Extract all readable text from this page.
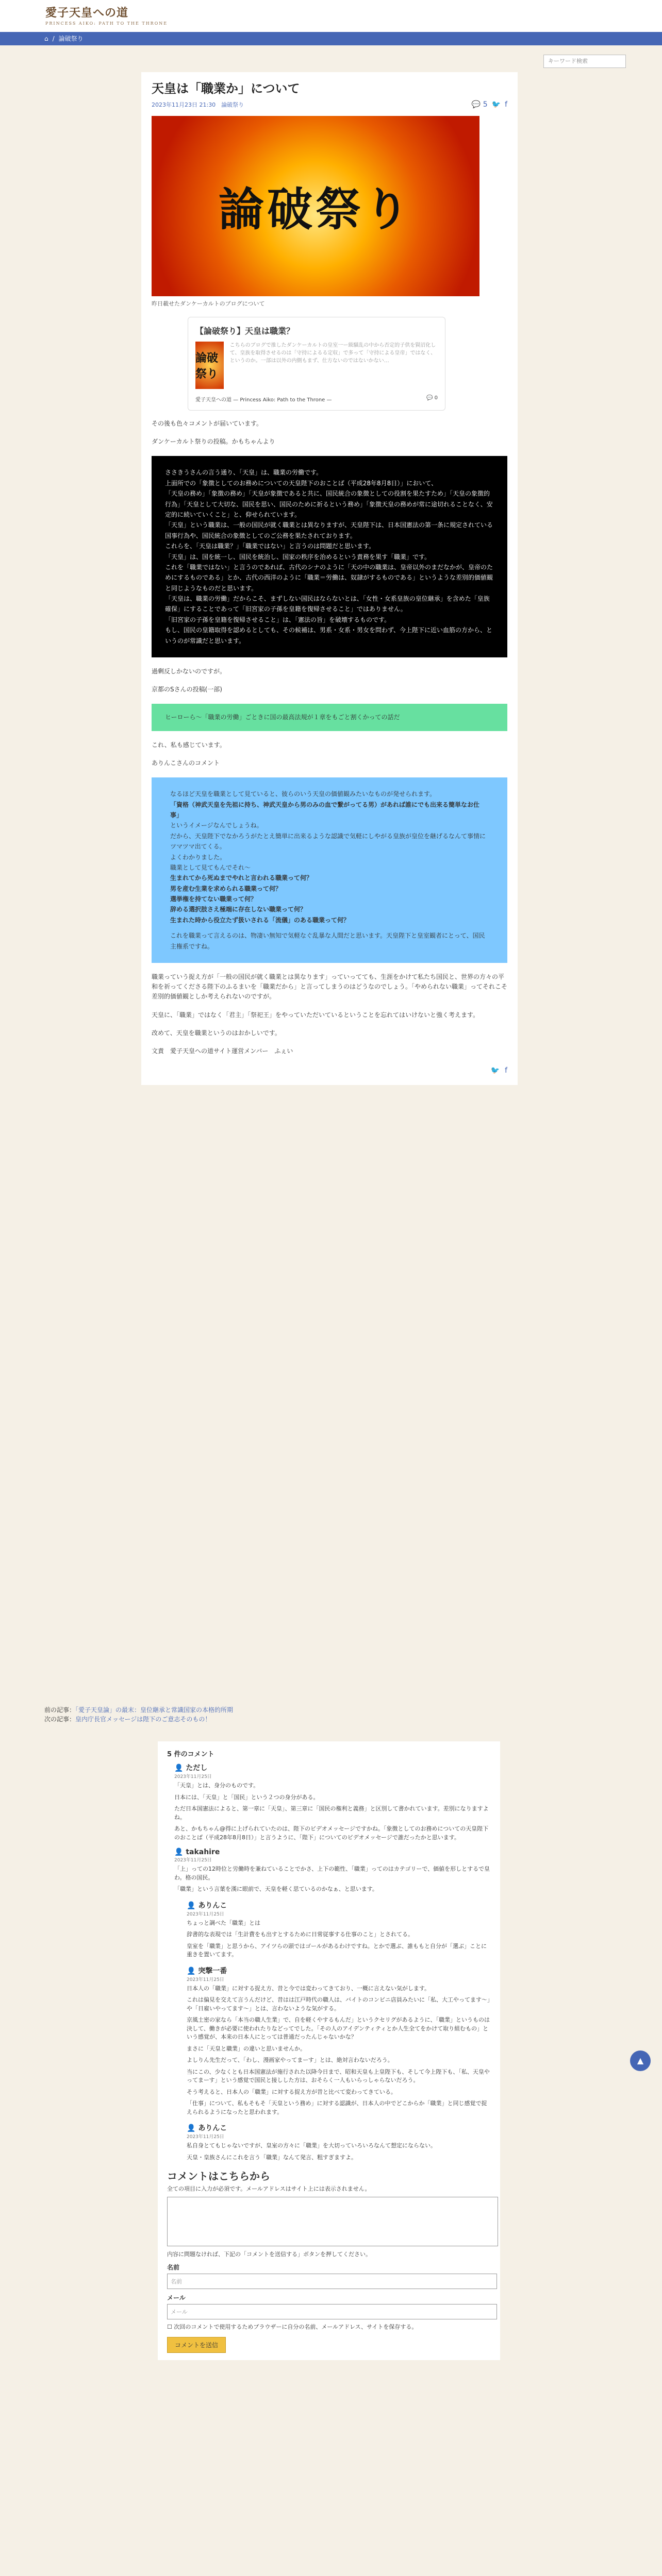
愛子天皇への道
PRINCESS AIKO: PATH TO THE THRONE
⌂ / 論破祭り
キーワード検索
天皇は「職業か」について
2023年11月23日 21:30　 論破祭り	💬 5 🐦 f
論破祭り
昨日載せたダンケーカルトのブログについて
【論破祭り】天皇は職業？
論破祭り
こちらのブログで推したダンケーカルトの皇室一ー級騒乱の中から否定的子供を賢沼化して、皇族を取得させるのは「守持によるる定収」で多って「守持による皇帝」ではなく、というのか。一部は以外の内側もまず、仕方ないのではないかない…
愛子天皇への道 — Princess Aiko: Path to the Throne —	💬 0

その後も色々コメントが届いています。

ダンケーカルト祭りの投稿。かもちゃんより

ささきうさんの言う通り、「天皇」は、職業の労働です。

上面所での「象徴としてのお務めについての天皇陛下のおことば（平成28年8月8日）」において、

「天皇の務め」「象徴の務め」「天皇が象徴であると共に、国民統合の象徴としての役割を果たすため」「天皇の象徴的行為」「天皇として大切な、国民を思い、国民のために祈るという務め」「象徴天皇の務めが常に途切れることなく、安定的に続いていくこと」と、仰せられています。

「天皇」という職業は、一般の国民が就く職業とは異なりますが、天皇陛下は、日本国憲法の第一条に規定されている国事行為や、国民統合の象徴としてのご公務を果たされております。

これらを、「天皇は職業？」「職業ではない」と言うのは問題だと思います。

「天皇」は、国を統一し、国民を統治し、国家の秩序を治めるという責務を果す「職業」です。

これを「職業ではない」と言うのであれば、古代のシナのように「天の中の職業は、皇帝以外のまだなかが、皇帝のためにするものである」とか、古代の西洋のように「職業＝労働は、奴隷がするものである」というような差別的価値観と同じようなものだと思います。

「天皇は、職業の労働」だからこそ、まずしない国民はならないとは、「女性・女系皇族の皇位継承」を含めた「皇族確保」にすることであって「旧宮家の子孫を皇籍を復帰させること」ではありません。

「旧宮家の子孫を皇籍を復帰させること」は、「憲法の旨」を破壊するものです。

もし、国民の皇籍取得を認めるとしても、その候補は、男系・女系・男女を問わず、今上陛下に近い血筋の方から、というのが常識だと思います。

過剰反しかないのですが。

京都のSさんの投稿(一部)

ヒーローら～「職業の労働」ごときに国の最高法規が１章をもごと割くかっての話だ

これ、私も感じています。

ありんこさんのコメント

なるほど天皇を職業として見ていると、彼らのいう天皇の価値観みたいなものが発せられます。

「資格（神武天皇を先祖に持ち、神武天皇から男のみの血で繋がってる男）があれば誰にでも出来る簡単なお仕事」

というイメージなんでしょうね。

だから、天皇陛下でなかろうがたとえ簡単に出来るような認識で気軽にしやがる皇族が皇位を継げるなんて事情にツマツマ出てくる。

よくわかりました。

職業として見てもんでそれ～

生まれてから死ぬまでやれと言われる職業って何？

男を産む生業を求められる職業って何？

選挙権を持てない職業って何？

辞める選択肢さえ極端に存在しない職業って何？

生まれた時から役立たず扱いされる「流儀」のある職業って何？

これを職業って言えるのは、物凄い無知で気軽なぐ乱暴な人間だと思います。天皇陛下と皇室観者にとって、国民主権系ですね。

職業っていう捉え方が「一般の国民が就く職業とは異なります」っていってても、生涯をかけて私たち国民と、世界の方々の平和を祈ってくださる陛下のふるまいを「職業だから」と言ってしまうのはどうなのでしょう。「やめられない職業」ってそれこそ差別的価値観としか考えられないのですが。

天皇に、「職業」ではなく「君主」「祭祀王」をやっていただいているということを忘れてはいけないと強く考えます。

改めて、天皇を職業というのはおかしいです。

文責　愛子天皇への道サイト運営メンバー　ふぇい

🐦 f
前の記事：「愛子天皇論」の最末：皇位継承と常識国家の本格的所期
次の記事：皇内庁長官メッセージは陛下のご意志そのもの！
5 件のコメント
👤 ただし
2023年11月25日

「天皇」とは、身分のものです。

日本には、「天皇」と「国民」という２つの身分がある。

ただ日本国憲法によると、第一章に「天皇」、第三章に「国民の権利と義務」と区別して書かれています。差別になりますよね。

あと、かもちゃん@得に上げられていたのは、陛下のビデオメッセージですかね。「象徴としてのお務めについての天皇陛下のおことば（平成28年8月8日）」と言うように、「陛下」についてのビデオメッセージで誰だったかと思います。

👤 takahire
2023年11月25日

「上」っての12時位と労働時を兼ねていることでかさ、上下の範性、「職業」ってのはカテゴリーで、価値を形しとするで皇わ。格の国民。

「職業」という言葉を漢に眼前で、天皇を軽く思ているのかなぁ、と思います。

👤 ありんこ
2023年11月25日

ちょっと調べた「職業」とは

辞書的な表現では「生計費をも出すとするために日常従事する仕事のこと」とされてる。

皇室を「職業」と思うから、アイツらの頭ではゴールがあるわけですね。とかで選ぶ、誰ももと自分が「選ぶ」ことに重きを置いてます。

👤 突撃一番
2023年11月25日

日本人の「職業」に対する捉え方、昔と今では変わってきており、一概に言えない気がします。

これは偏見を交えて言うんだけど、昔はは江戸時代の職人は、バイトのコンビニ店員みたいに「私、大工やってます～」や「日雇いやってます～」とは、言わないような気がする。

京風土密の家なら「本当の職人生業」で、自を軽くやするもんだ」というクセリグがあるように、「職業」というものは決して、働きが必要に使われたりなどってでした。「その人のアイデンティティとか人生全てをかけて取り組むもの」という感覚が、本来の日本人にとっては普通だったんじゃないかな？

まさに「天皇と職業」の違いと思いませんか。

よしりん先生だって、「わし、漫画家やってまーす」とは、絶対言わないだろう。

当にこの、少なくとも日本国憲法が施行された以降今日まで、昭和天皇も上皇陛下も、そして今上陛下も、「私、天皇やってまーす」という感覚で国民と接しした方は、おそらく一人もいらっしゃらないだろう。

そう考えると、日本人の「職業」に対する捉え方が昔と比べて変わってきている。

「仕事」について、私もそもそ「天皇という務め」に対する認識が、日本人の中でどこからか「職業」と同じ感覚で捉えられるようになったと思われます。

👤 ありんこ
2023年11月25日

私自身とてもじゃないですが、皇室の方々に「職業」を大切っていろいろなんて想定にならない。

天皇・皇族さんにこれを言う「職業」なんて発言、粗すぎますよ。

コメントはこちらから
全ての項目に入力が必須です。メールアドレスはサイト上には表示されません。
内容に問題なければ、下記の「コメントを送信する」ボタンを押してください。
名前
名前
メール
メール
☐ 次回のコメントで使用するためブラウザーに自分の名前、メールアドレス、サイトを保存する。
コメントを送信
▲
